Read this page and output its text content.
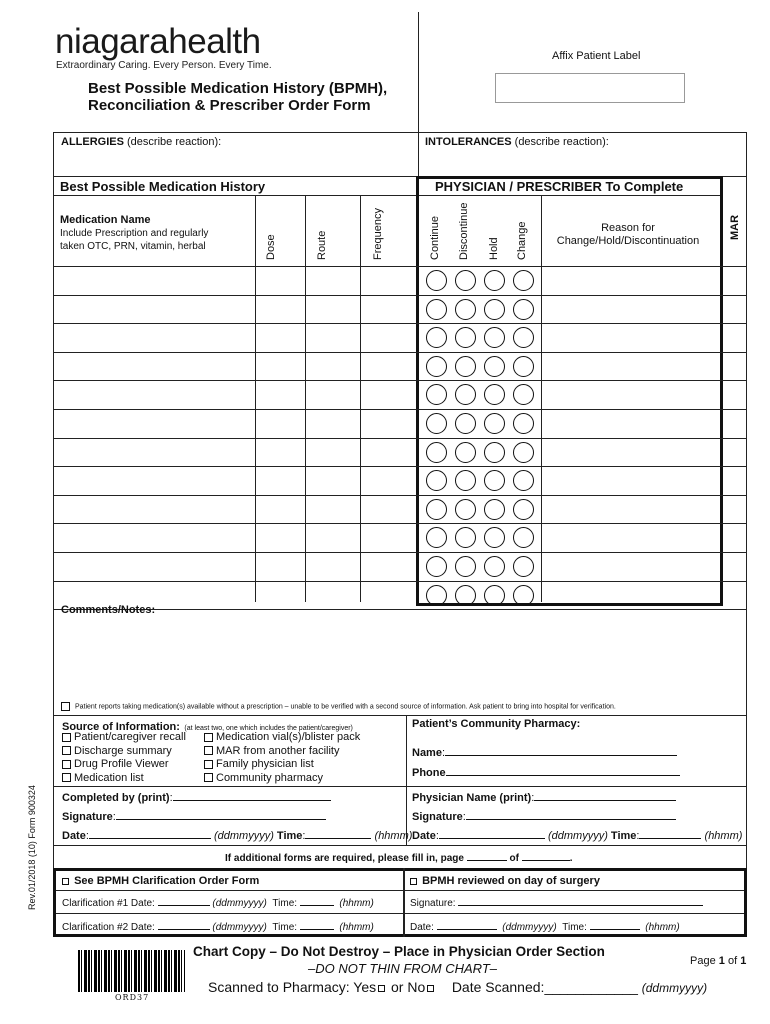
niagarahealth
Extraordinary Caring. Every Person. Every Time.
Best Possible Medication History (BPMH),
Reconciliation & Prescriber Order Form
Affix Patient Label
ALLERGIES (describe reaction):	INTOLERANCES (describe reaction):
Best Possible Medication History	PHYSICIAN / PRESCRIBER To Complete
Medication Name
Include Prescription and regularly
taken OTC, PRN, vitamin, herbal	Dose	Route	Frequency	Continue Discontinue Hold Change	Reason for
Change/Hold/Discontinuation
MAR
Comments/Notes:
Patient reports taking medication(s) available without a prescription – unable to be verified with a second source of information. Ask patient to bring into hospital for verification.
Source of Information: (at least two, one which includes the patient/caregiver)
Patient/caregiver recall
Discharge summary
Drug Profile Viewer
Medication list
Medication vial(s)/blister pack
MAR from another facility
Family physician list
Community pharmacy
Patient’s Community Pharmacy:
Name:
Phone
Completed by (print):
Signature:
Date:	(ddmmyyyy) Time:	(hhmm)
Physician Name (print):
Signature:
Date:	(ddmmyyyy) Time:	(hhmm)
If additional forms are required, please fill in, page	of	.
See BPMH Clarification Order Form
Clarification #1 Date:	(ddmmyyyy) Time:	(hhmm)
Clarification #2 Date:	(ddmmyyyy) Time:	(hhmm)
BPMH reviewed on day of surgery
Signature:
Date:	(ddmmyyyy) Time:	(hhmm)
Rev.01/2018 (10) Form 900324
ORD37
Chart Copy – Do Not Destroy – Place in Physician Order Section
–DO NOT THIN FROM CHART–
Scanned to Pharmacy: Yes or No Date Scanned:____________ (ddmmyyyy)
Page 1 of 1
